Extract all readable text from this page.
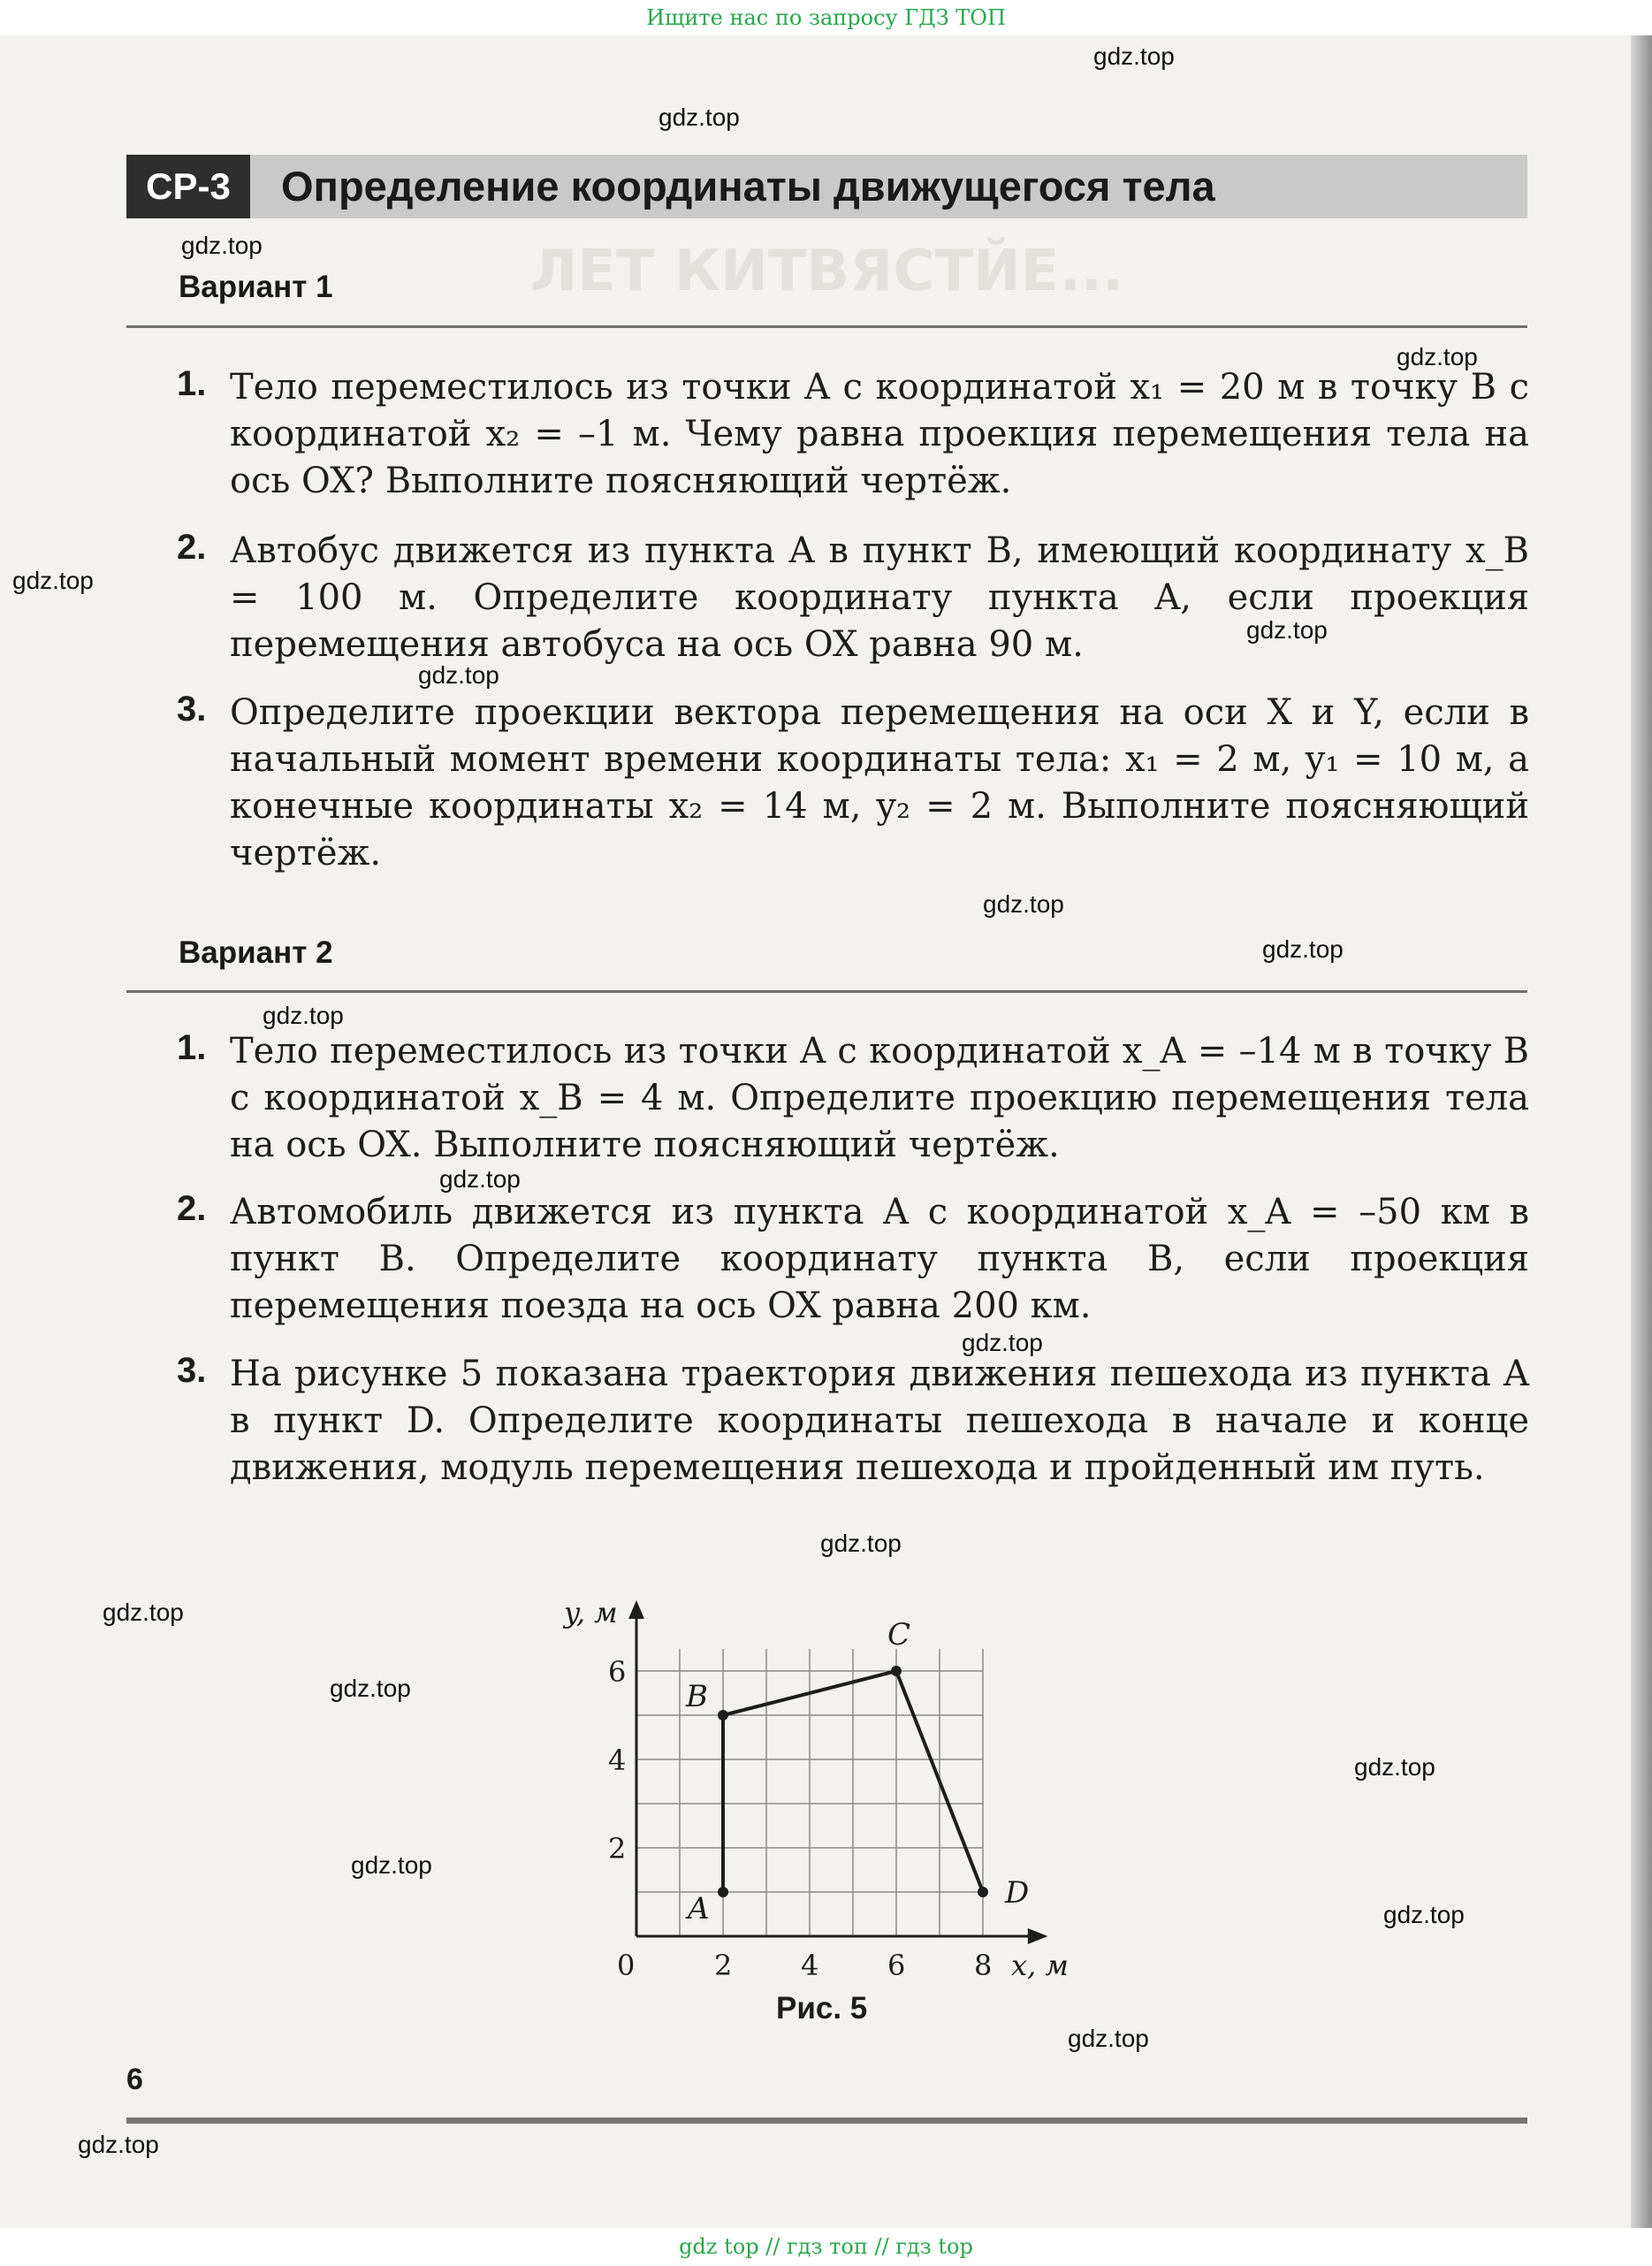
Ищите нас по запросу ГДЗ ТОП
ЛЕТ КИТВЯСТЙЕ...
СР-3	Определение координаты движущегося тела
Вариант 1
1. Тело переместилось из точки A с координатой x₁ = 20 м в точку B с координатой x₂ = –1 м. Чему равна проекция перемещения тела на ось OX? Выполните поясняющий чертёж.
2. Автобус движется из пункта A в пункт B, имеющий координату x_B = 100 м. Определите координату пункта A, если проекция перемещения автобуса на ось OX равна 90 м.
3. Определите проекции вектора перемещения на оси X и Y, если в начальный момент времени координаты тела: x₁ = 2 м, y₁ = 10 м, а конечные координаты x₂ = 14 м, y₂ = 2 м. Выполните поясняющий чертёж.
Вариант 2
1. Тело переместилось из точки A с координатой x_A = –14 м в точку B с координатой x_B = 4 м. Определите проекцию перемещения тела на ось OX. Выполните поясняющий чертёж.
2. Автомобиль движется из пункта A с координатой x_A = –50 км в пункт B. Определите координату пункта B, если проекция перемещения поезда на ось OX равна 200 км.
3. На рисунке 5 показана траектория движения пешехода из пункта A в пункт D. Определите координаты пешехода в начале и конце движения, модуль перемещения пешехода и пройденный им путь.
y, м
x, м
0	2 4 6 8
2
4
6
A
B
C
D
Рис. 5
6
gdz.top
gdz.top
gdz.top
gdz.top
gdz.top
gdz.top
gdz.top
gdz.top
gdz.top
gdz.top
gdz.top
gdz.top
gdz.top
gdz.top
gdz.top
gdz.top
gdz.top
gdz.top
gdz.top
gdz.top
gdz top // гдз топ // гдз top
